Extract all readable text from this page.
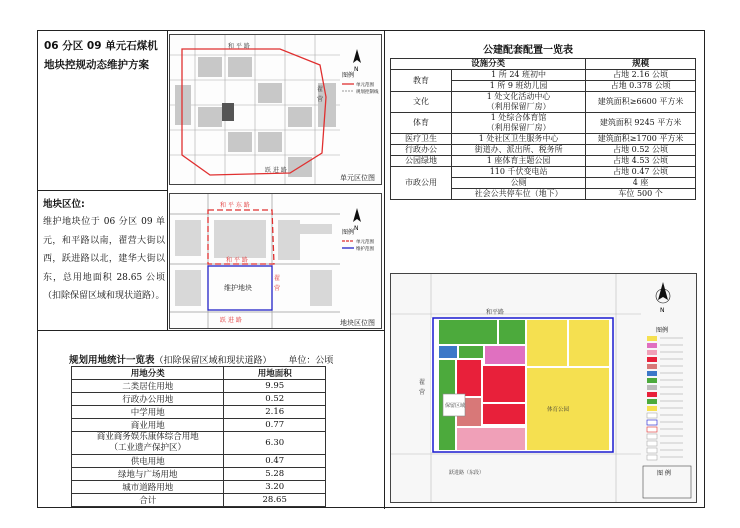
06 分区 09 单元石煤机
地块控规动态维护方案
地块区位:
维护地块位于 06 分区 09 单元，和平路以南，翟营大街以西，跃进路以北，建华大街以东，总用地面积 28.65 公顷（扣除保留区域和现状道路）。
和 平 路
跃 进 路
翟
营
N
图例
单元范围
规划控制线
单元区位图
维护地块
和 平 东 路
和 平 路
跃 进 路
翟
营
N
图例
单元范围
维护范围
地块区位图
规划用地统计一览表（扣除保留区域和现状道路） 单位：公顷
用地分类	用地面积
二类居住用地	9.95
行政办公用地	0.52
中学用地	2.16
商业用地	0.77
商业商务娱乐康体综合用地
（工业遗产保护区）	6.30
供电用地	0.47
绿地与广场用地	5.28
城市道路用地	3.20
合计	28.65
公建配套配置一览表
设施分类		规模
教育	1 所 24 班初中	占地 2.16 公顷
	1 所 9 班幼儿园	占地 0.378 公顷
文化	1 处文化活动中心
（利用保留厂房）	建筑面积≥6600 平方米
体育	1 处综合体育馆
（利用保留厂房）	建筑面积 9245 平方米
医疗卫生	1 处社区卫生服务中心	建筑面积≥1700 平方米
行政办公	街道办、派出所、税务所	占地 0.52 公顷
公园绿地	1 座体育主题公园	占地 4.53 公顷
市政公用	110 千伏变电站	占地 0.47 公顷
	公厕	4 座
	社会公共停车位（地下）	车位 500 个
保留区域
体育公园
和平路
翟
营
跃进路（东段）
N
图例
图 例
